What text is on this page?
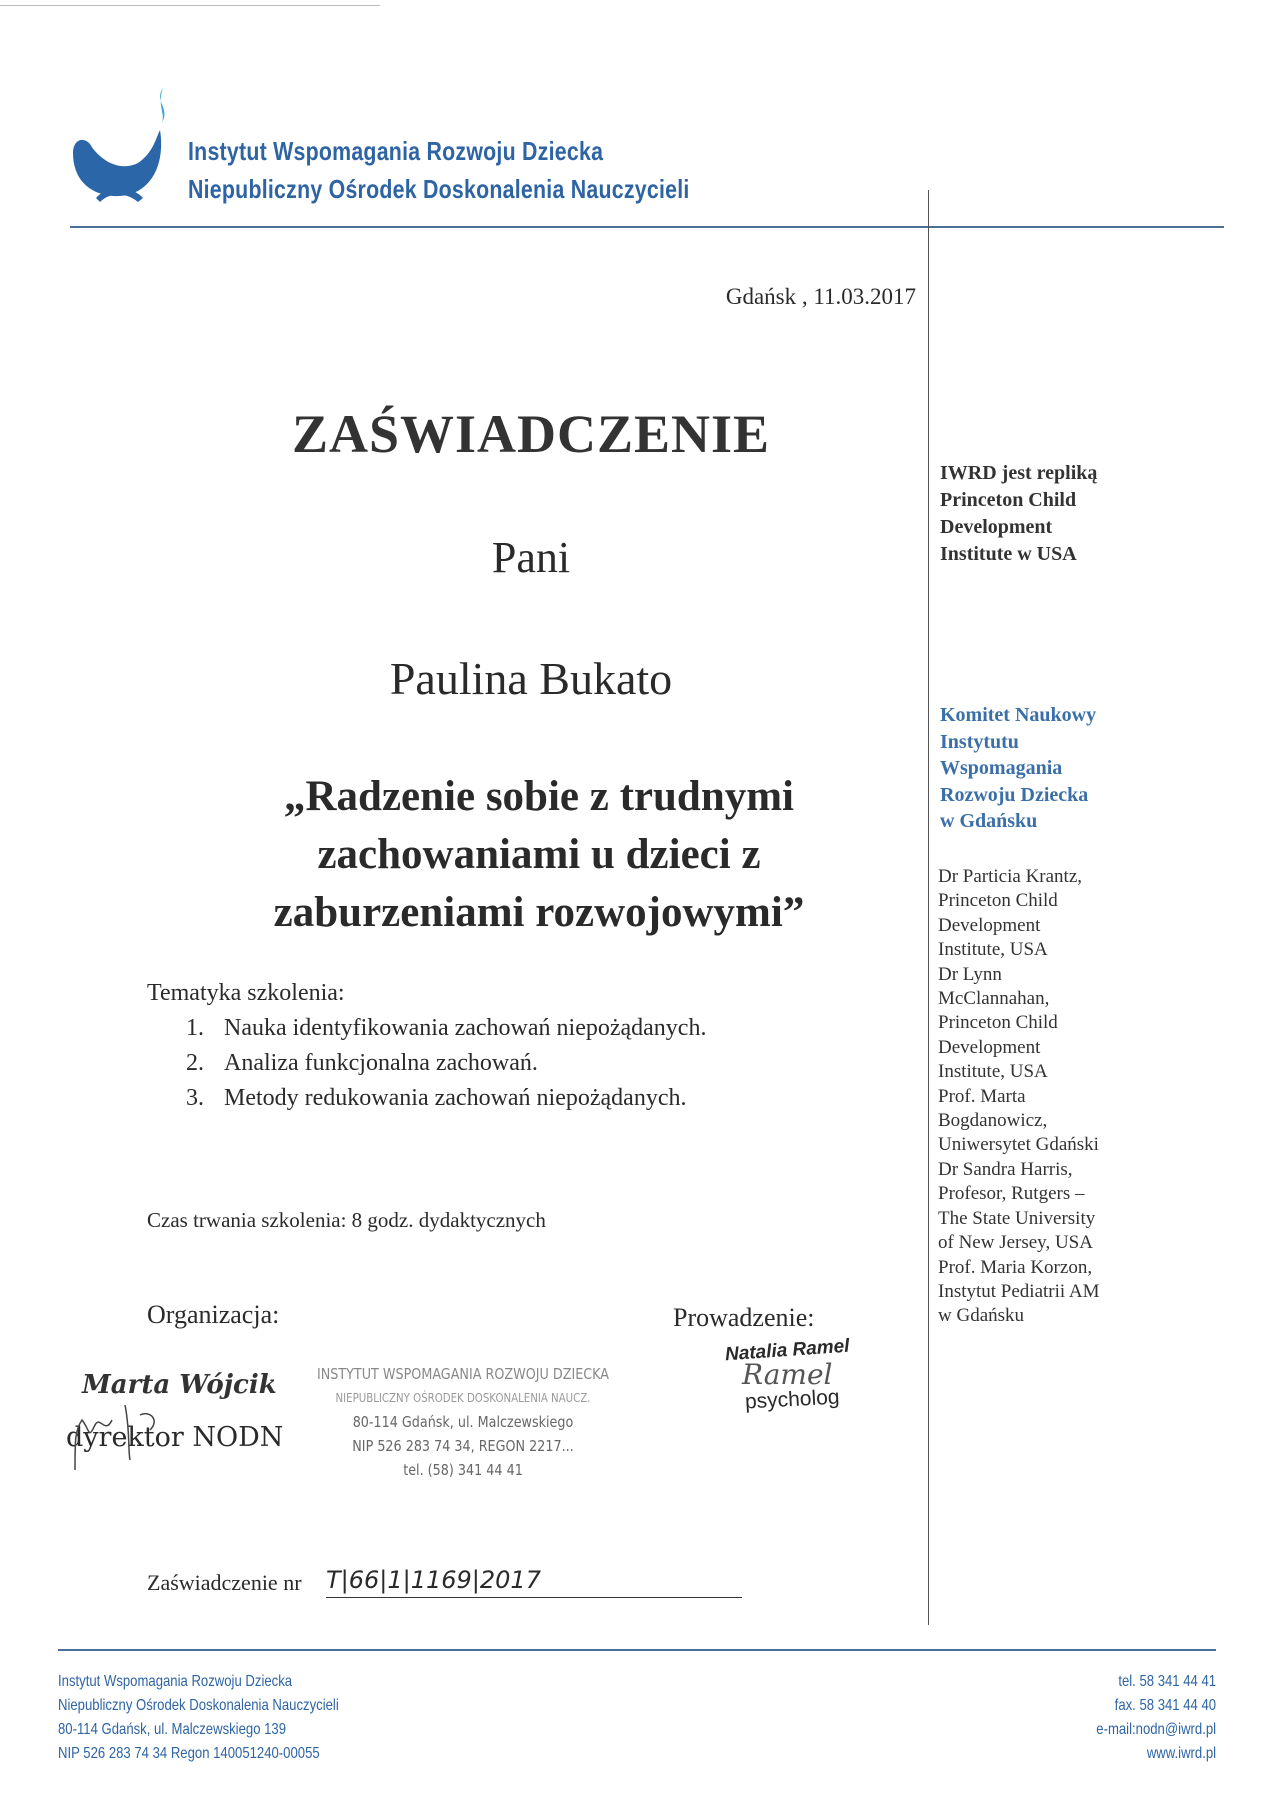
Instytut Wspomagania Rozwoju Dziecka
Niepubliczny Ośrodek Doskonalenia Nauczycieli
Gdańsk , 11.03.2017
ZAŚWIADCZENIE
Pani
Paulina Bukato
„Radzenie sobie z trudnymi
zachowaniami u dzieci z
zaburzeniami rozwojowymi”
Tematyka szkolenia:
1. Nauka identyfikowania zachowań niepożądanych.
2. Analiza funkcjonalna zachowań.
3. Metody redukowania zachowań niepożądanych.
Czas trwania szkolenia: 8 godz. dydaktycznych
Organizacja:
Marta Wójcik
dyrektor NODN
INSTYTUT WSPOMAGANIA ROZWOJU DZIECKA
NIEPUBLICZNY OŚRODEK DOSKONALENIA NAUCZ.
80-114 Gdańsk, ul. Malczewskiego
NIP 526 283 74 34, REGON 2217...
tel. (58) 341 44 41
Prowadzenie:
Natalia Ramel
Ramel
psycholog
Zaświadczenie nr T|66|1|1169|2017
IWRD jest repliką
Princeton Child
Development
Institute w USA
Komitet Naukowy
Instytutu
Wspomagania
Rozwoju Dziecka
w Gdańsku
Dr Particia Krantz,
Princeton Child
Development
Institute, USA
Dr Lynn
McClannahan,
Princeton Child
Development
Institute, USA
Prof. Marta
Bogdanowicz,
Uniwersytet Gdański
Dr Sandra Harris,
Profesor, Rutgers –
The State University
of New Jersey, USA
Prof. Maria Korzon,
Instytut Pediatrii AM
w Gdańsku
Instytut Wspomagania Rozwoju Dziecka
Niepubliczny Ośrodek Doskonalenia Nauczycieli
80-114 Gdańsk, ul. Malczewskiego 139
NIP 526 283 74 34 Regon 140051240-00055
tel. 58 341 44 41
fax. 58 341 44 40
e-mail:nodn@iwrd.pl
www.iwrd.pl
